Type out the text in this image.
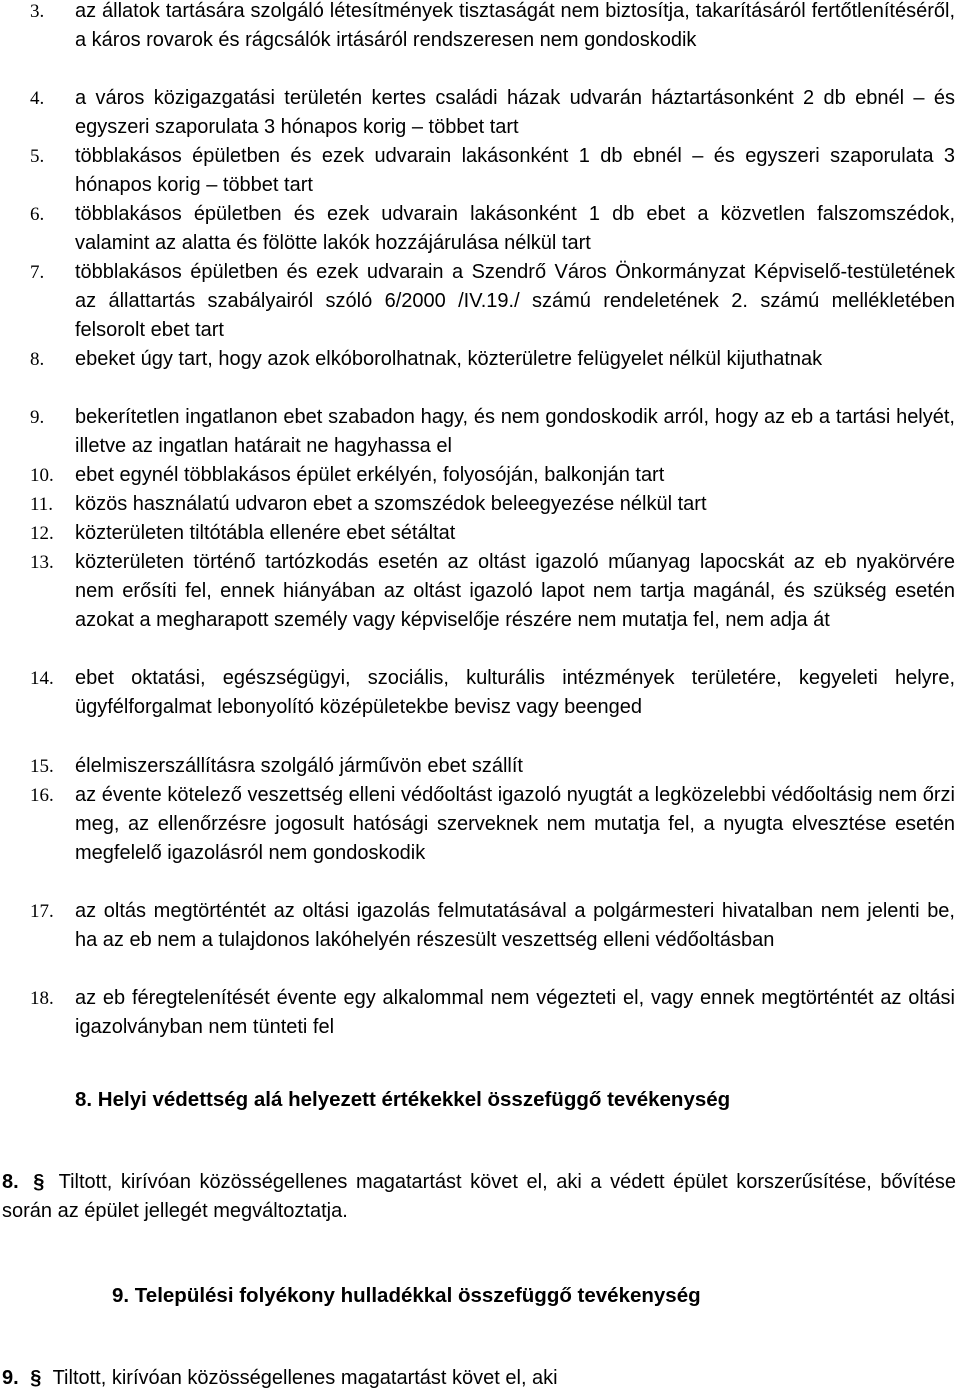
3.	az állatok tartására szolgáló létesítmények tisztaságát nem biztosítja, takarításáról fertőtlenítéséről, a káros rovarok és rágcsálók irtásáról rendszeresen nem gondoskodik
4.	a város közigazgatási területén kertes családi házak udvarán háztartásonként 2 db ebnél – és egyszeri szaporulata 3 hónapos korig – többet tart
5.	többlakásos épületben és ezek udvarain lakásonként 1 db ebnél – és egyszeri szaporulata 3 hónapos korig – többet tart
6.	többlakásos épületben és ezek udvarain lakásonként 1 db ebet a közvetlen falszomszédok, valamint az alatta és fölötte lakók hozzájárulása nélkül tart
7.	többlakásos épületben és ezek udvarain a Szendrő Város Önkormányzat Képviselő-testületének az állattartás szabályairól szóló 6/2000 /IV.19./ számú rendeletének 2. számú mellékletében felsorolt ebet tart
8.	ebeket úgy tart, hogy azok elkóborolhatnak, közterületre felügyelet nélkül kijuthatnak
9.	bekerítetlen ingatlanon ebet szabadon hagy, és nem gondoskodik arról, hogy az eb a tartási helyét, illetve az ingatlan határait ne hagyhassa el
10.	ebet egynél többlakásos épület erkélyén, folyosóján, balkonján tart
11.	közös használatú udvaron ebet a szomszédok beleegyezése nélkül tart
12.	közterületen tiltótábla ellenére ebet sétáltat
13.	közterületen történő tartózkodás esetén az oltást igazoló műanyag lapocskát az eb nyakörvére nem erősíti fel, ennek hiányában az oltást igazoló lapot nem tartja magánál, és szükség esetén azokat a megharapott személy vagy képviselője részére nem mutatja fel, nem adja át
14.	ebet oktatási, egészségügyi, szociális, kulturális intézmények területére, kegyeleti helyre, ügyfélforgalmat lebonyolító középületekbe bevisz vagy beenged
15.	élelmiszerszállításra szolgáló járművön ebet szállít
16.	az évente kötelező veszettség elleni védőoltást igazoló nyugtát a legközelebbi védőoltásig nem őrzi meg, az ellenőrzésre jogosult hatósági szerveknek nem mutatja fel, a nyugta elvesztése esetén megfelelő igazolásról nem gondoskodik
17.	az oltás megtörténtét az oltási igazolás felmutatásával a polgármesteri hivatalban nem jelenti be, ha az eb nem a tulajdonos lakóhelyén részesült veszettség elleni védőoltásban
18.	az eb féregtelenítését évente egy alkalommal nem végezteti el, vagy ennek megtörténtét az oltási igazolványban nem tünteti fel
8. Helyi védettség alá helyezett értékekkel összefüggő tevékenység
8. § Tiltott, kirívóan közösségellenes magatartást követ el, aki a védett épület korszerűsítése, bővítése során az épület jellegét megváltoztatja.
9. Települési folyékony hulladékkal összefüggő tevékenység
9. § Tiltott, kirívóan közösségellenes magatartást követ el, aki
